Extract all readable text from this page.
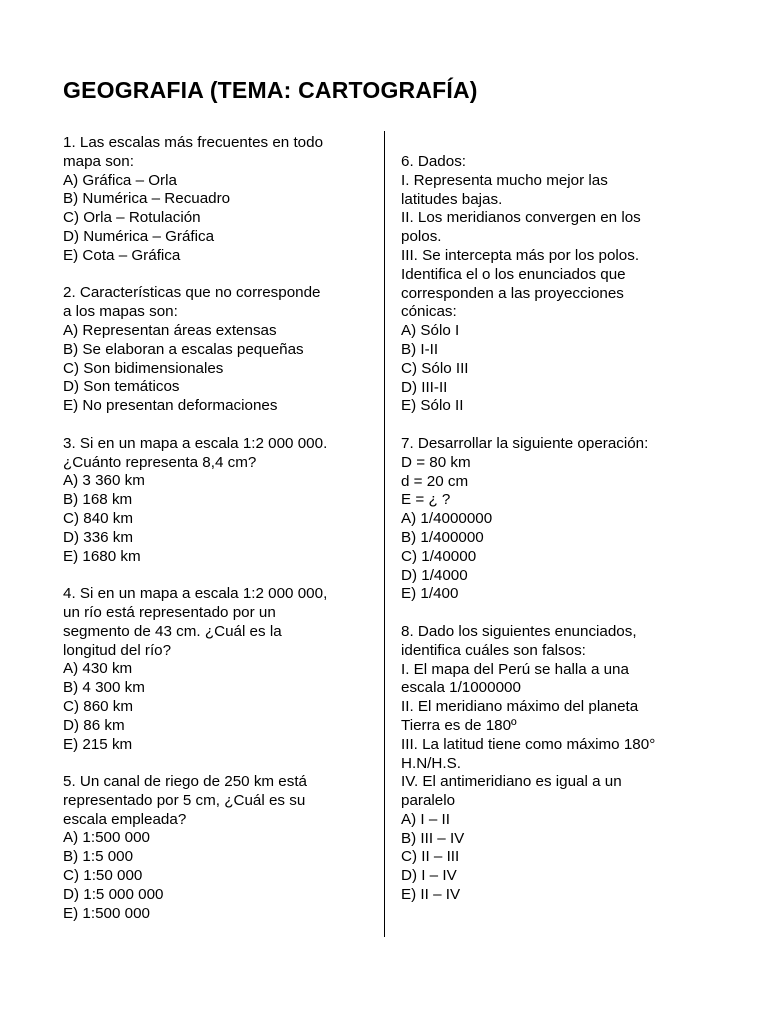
GEOGRAFIA (TEMA: CARTOGRAFÍA)
1. Las escalas más frecuentes en todo
mapa son:
A) Gráfica – Orla
B) Numérica – Recuadro
C) Orla – Rotulación
D) Numérica – Gráfica
E) Cota – Gráfica
2. Características que no corresponde
a los mapas son:
A) Representan áreas extensas
B) Se elaboran a escalas pequeñas
C) Son bidimensionales
D) Son temáticos
E) No presentan deformaciones
3. Si en un mapa a escala 1:2 000 000.
¿Cuánto representa 8,4 cm?
A) 3 360 km
B) 168 km
C) 840 km
D) 336 km
E) 1680 km
4. Si en un mapa a escala 1:2 000 000,
un río está representado por un
segmento de 43 cm. ¿Cuál es la
longitud del río?
A) 430 km
B) 4 300 km
C) 860 km
D) 86 km
E) 215 km
5. Un canal de riego de 250 km está
representado por 5 cm, ¿Cuál es su
escala empleada?
A) 1:500 000
B) 1:5 000
C) 1:50 000
D) 1:5 000 000
E) 1:500 000
6. Dados:
I. Representa mucho mejor las
latitudes bajas.
II. Los meridianos convergen en los
polos.
III. Se intercepta más por los polos.
Identifica el o los enunciados que
corresponden a las proyecciones
cónicas:
A) Sólo I
B) I-II
C) Sólo III
D) III-II
E) Sólo II
7. Desarrollar la siguiente operación:
D = 80 km
d = 20 cm
E = ¿ ?
A) 1/4000000
B) 1/400000
C) 1/40000
D) 1/4000
E) 1/400
8. Dado los siguientes enunciados,
identifica cuáles son falsos:
I. El mapa del Perú se halla a una
escala 1/1000000
II. El meridiano máximo del planeta
Tierra es de 180º
III. La latitud tiene como máximo 180°
H.N/H.S.
IV. El antimeridiano es igual a un
paralelo
A) I – II
B) III – IV
C) II – III
D) I – IV
E) II – IV
